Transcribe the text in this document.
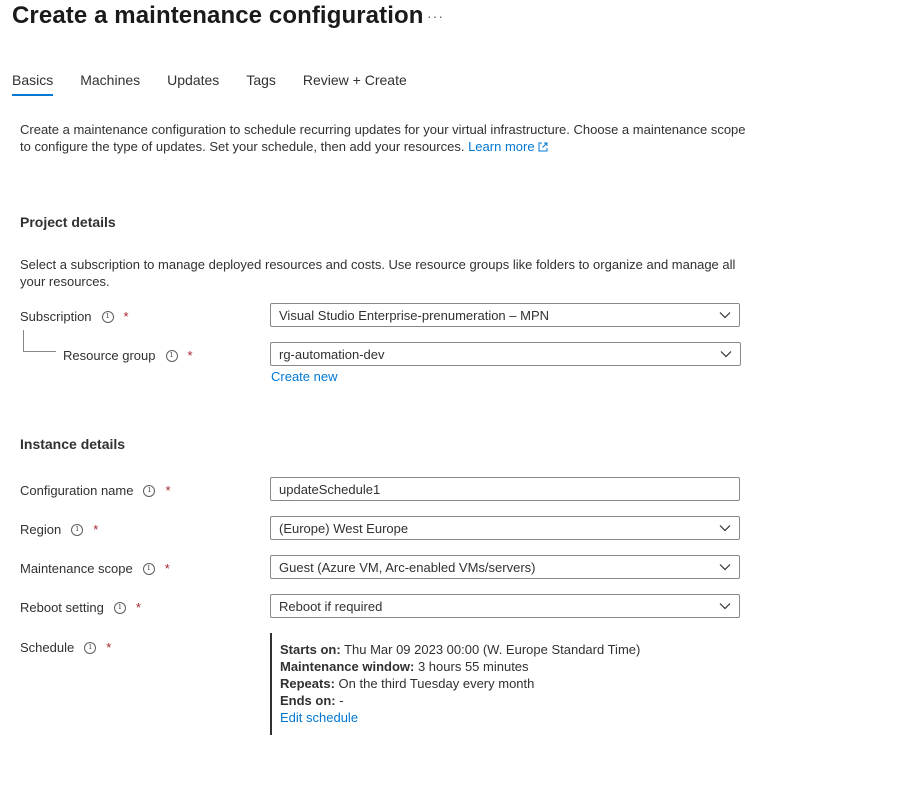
Create a maintenance configuration ···
Basics Machines Updates Tags Review + Create
Create a maintenance configuration to schedule recurring updates for your virtual infrastructure. Choose a maintenance scope to configure the type of updates. Set your schedule, then add your resources. Learn more
Project details
Select a subscription to manage deployed resources and costs. Use resource groups like folders to organize and manage all your resources.
Subscription	i	*	Visual Studio Enterprise-prenumeration – MPN
Resource group	i	*	rg-automation-dev
Create new
Instance details
Configuration name	i	*	updateSchedule1
Region	i	*	(Europe) West Europe
Maintenance scope	i	*	Guest (Azure VM, Arc-enabled VMs/servers)
Reboot setting	i	*	Reboot if required
Schedule	i	*	Starts on: Thu Mar 09 2023 00:00 (W. Europe Standard Time)
Maintenance window: 3 hours 55 minutes
Repeats: On the third Tuesday every month
Ends on: -
Edit schedule
